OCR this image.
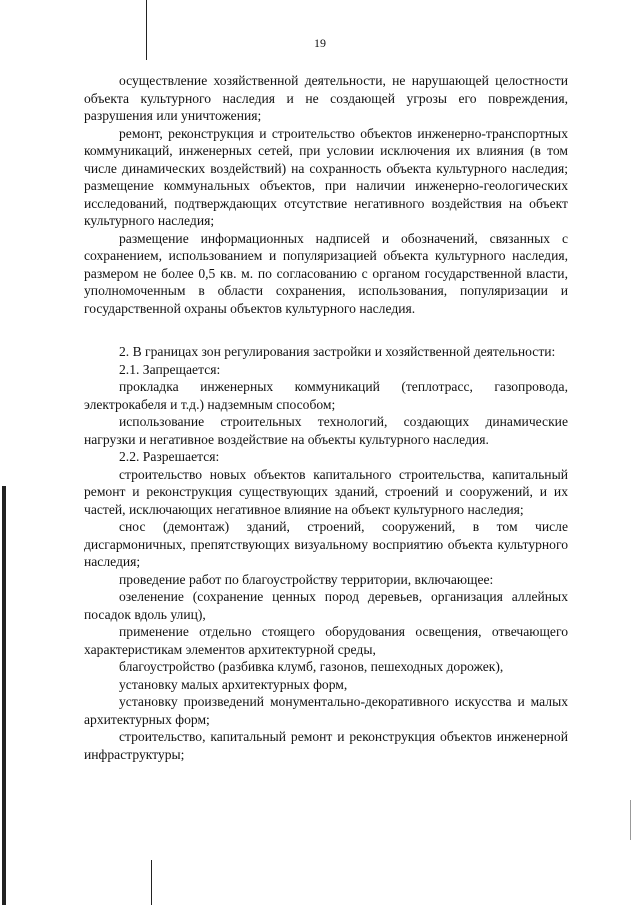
19

осуществление хозяйственной деятельности, не нарушающей целостности объекта культурного наследия и не создающей угрозы его повреждения, разрушения или уничтожения;

ремонт, реконструкция и строительство объектов инженерно-транспортных коммуникаций, инженерных сетей, при условии исключения их влияния (в том числе динамических воздействий) на сохранность объекта культурного наследия; размещение коммунальных объектов, при наличии инженерно-геологических исследований, подтверждающих отсутствие негативного воздействия на объект культурного наследия;

размещение информационных надписей и обозначений, связанных с сохранением, использованием и популяризацией объекта культурного наследия, размером не более 0,5 кв. м. по согласованию с органом государственной власти, уполномоченным в области сохранения, использования, популяризации и государственной охраны объектов культурного наследия.

2. В границах зон регулирования застройки и хозяйственной деятельности:

2.1. Запрещается:

прокладка инженерных коммуникаций (теплотрасс, газопровода, электрокабеля и т.д.) надземным способом;

использование строительных технологий, создающих динамические нагрузки и негативное воздействие на объекты культурного наследия.

2.2. Разрешается:

строительство новых объектов капитального строительства, капитальный ремонт и реконструкция существующих зданий, строений и сооружений, и их частей, исключающих негативное влияние на объект культурного наследия;

снос (демонтаж) зданий, строений, сооружений, в том числе дисгармоничных, препятствующих визуальному восприятию объекта культурного наследия;

проведение работ по благоустройству территории, включающее:

озеленение (сохранение ценных пород деревьев, организация аллейных посадок вдоль улиц),

применение отдельно стоящего оборудования освещения, отвечающего характеристикам элементов архитектурной среды,

благоустройство (разбивка клумб, газонов, пешеходных дорожек),

установку малых архитектурных форм,

установку произведений монументально-декоративного искусства и малых архитектурных форм;

строительство, капитальный ремонт и реконструкция объектов инженерной инфраструктуры;
